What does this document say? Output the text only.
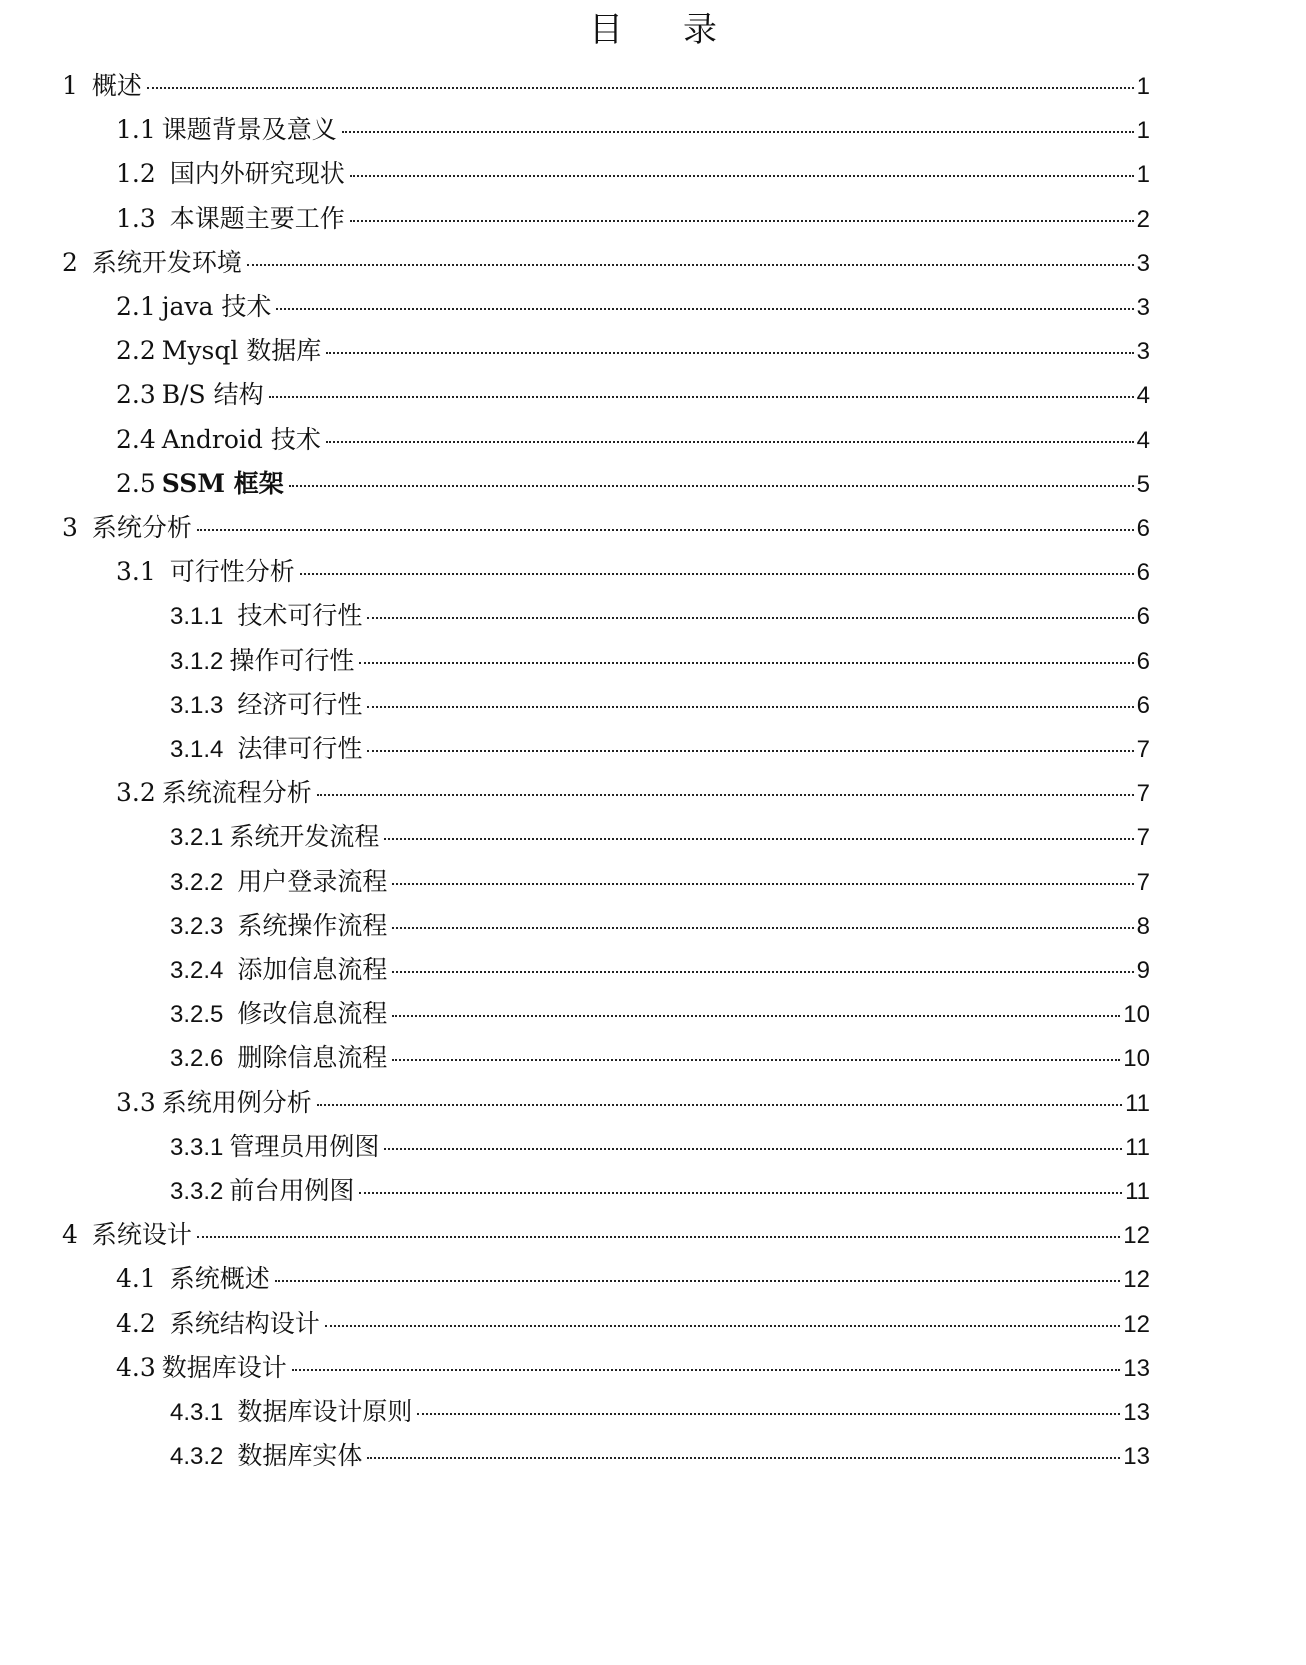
目 录
1 概述	1
1.1 课题背景及意义	1
1.2 国内外研究现状	1
1.3 本课题主要工作	2
2 系统开发环境	3
2.1 java 技术	3
2.2 Mysql 数据库	3
2.3 B/S 结构	4
2.4 Android 技术	4
2.5 SSM 框架	5
3 系统分析	6
3.1 可行性分析	6
3.1.1 技术可行性	6
3.1.2 操作可行性	6
3.1.3 经济可行性	6
3.1.4 法律可行性	7
3.2 系统流程分析	7
3.2.1 系统开发流程	7
3.2.2 用户登录流程	7
3.2.3 系统操作流程	8
3.2.4 添加信息流程	9
3.2.5 修改信息流程	10
3.2.6 删除信息流程	10
3.3 系统用例分析	11
3.3.1 管理员用例图	11
3.3.2 前台用例图	11
4 系统设计	12
4.1 系统概述	12
4.2 系统结构设计	12
4.3 数据库设计	13
4.3.1 数据库设计原则	13
4.3.2 数据库实体	13
